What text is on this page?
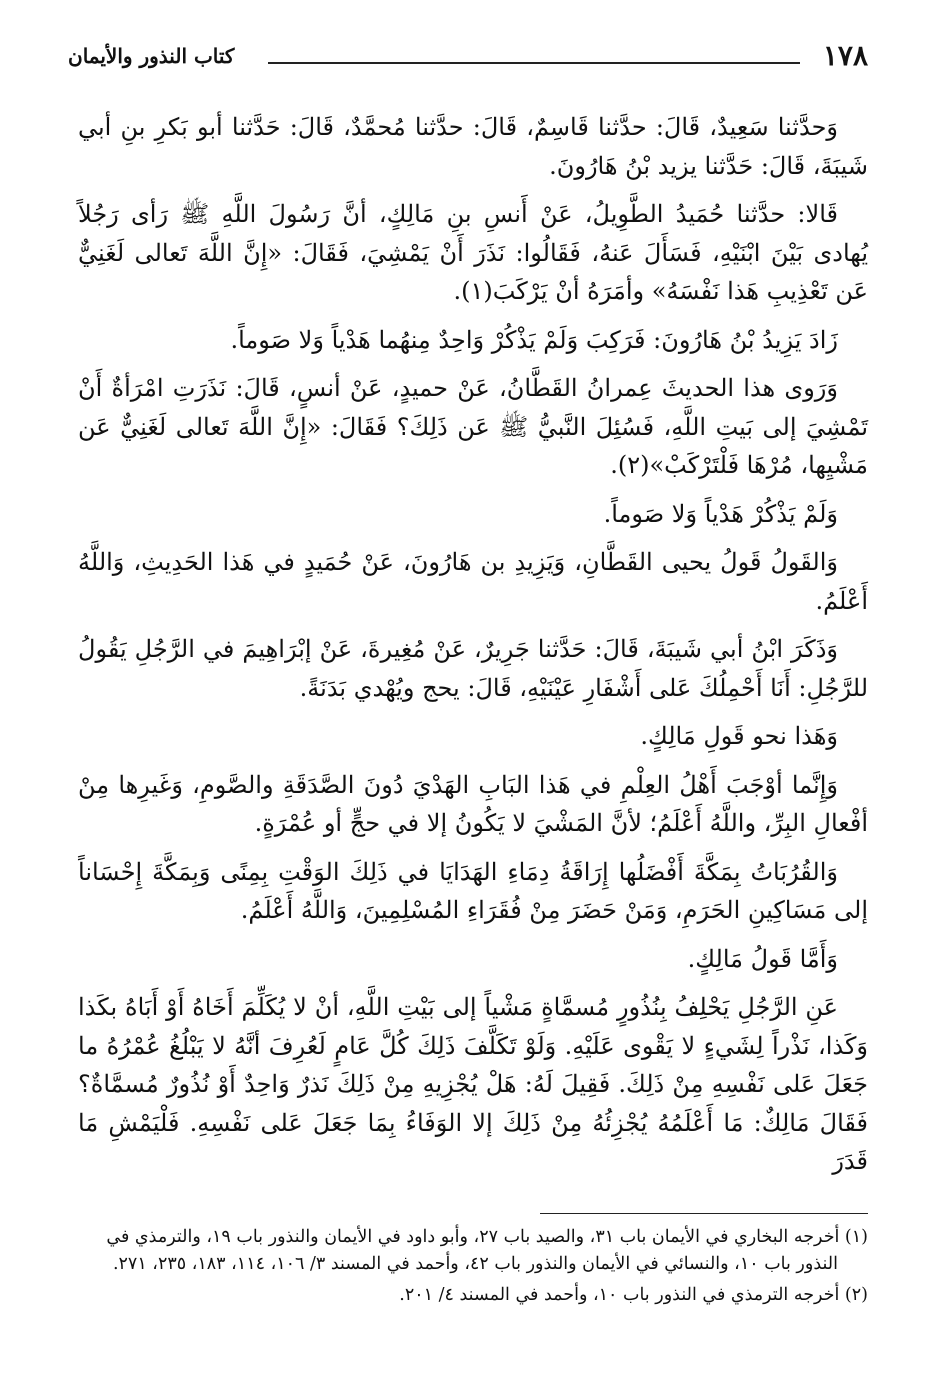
١٧٨
كتاب النذور والأيمان

وَحدَّثنا سَعِيدٌ، قَالَ: حدَّثنا قَاسِمٌ، قَالَ: حدَّثنا مُحمَّدٌ، قَالَ: حَدَّثنا أبو بَكرِ بنِ أبي شَيبَةَ، قَالَ: حَدَّثنا يزيد بْنُ هَارُونَ.

قَالا: حدَّثنا حُمَيدُ الطَّوِيلُ، عَنْ أَنسِ بنِ مَالِكٍ، أنَّ رَسُولَ اللَّهِ ﷺ رَأى رَجُلاً يُهادى بَيْنَ ابْنَيْهِ، فَسَأَلَ عَنهُ، فَقَالُوا: نَذَرَ أَنْ يَمْشِيَ، فَقَالَ: «إِنَّ اللَّهَ تَعالى لَغَنِيٌّ عَن تَعْذِيبِ هَذا نَفْسَهُ» وأمَرَهُ أنْ يَرْكَبَ(١).

زَادَ يَزِيدُ بْنُ هَارُونَ: فَرَكِبَ وَلَمْ يَذْكُرْ وَاحِدٌ مِنهُما هَدْياً وَلا صَوماً.

وَرَوى هذا الحديثَ عِمرانُ القَطَّانُ، عَنْ حميدٍ، عَنْ أنسٍ، قَالَ: نَذَرَتِ امْرَأةٌ أَنْ تَمْشِيَ إلى بَيتِ اللَّهِ، فَسُئِلَ النَّبيُّ ﷺ عَن ذَلِكَ؟ فَقَالَ: «إِنَّ اللَّهَ تَعالى لَغَنِيٌّ عَن مَشْيِها، مُرْهَا فَلْتَرْكَبْ»(٢).

وَلَمْ يَذْكُرْ هَدْياً وَلا صَوماً.

وَالقَولُ قَولُ يحيى القَطَّانِ، وَيَزِيدِ بن هَارُونَ، عَنْ حُمَيدٍ في هَذا الحَدِيثِ، وَاللَّهُ أَعْلَمُ.

وَذَكَرَ ابْنُ أبي شَيبَةَ، قَالَ: حَدَّثنا جَرِيرٌ، عَنْ مُغِيرةَ، عَنْ إبْرَاهِيمَ في الرَّجُلِ يَقُولُ للرَّجُلِ: أَنَا أَحْمِلُكَ عَلى أَشْفَارِ عَيْنَيْهِ، قَالَ: يحج ويُهْدي بَدَنَةً.

وَهَذا نحو قَولِ مَالِكٍ.

وَإِنَّما أوْجَبَ أَهْلُ العِلْمِ في هَذا البَابِ الهَدْيَ دُونَ الصَّدَقَةِ والصَّومِ، وَغَيرِها مِنْ أفْعالِ البِرِّ، واللَّهُ أَعْلَمُ؛ لأنَّ المَشْيَ لا يَكُونُ إلا في حجٍّ أو عُمْرَةٍ.

وَالقُرُبَاتُ بِمَكَّةَ أَفْضَلُها إِرَاقَةُ دِمَاءِ الهَدَايَا في ذَلِكَ الوَقْتِ بِمِنًى وَبِمَكَّةَ إِحْسَاناً إلى مَسَاكِينِ الحَرَمِ، وَمَنْ حَضَرَ مِنْ فُقَرَاءِ المُسْلِمِينَ، وَاللَّهُ أَعْلَمُ.

وَأَمَّا قَولُ مَالِكٍ.

عَنِ الرَّجُلِ يَحْلِفُ بِنُذُورٍ مُسمَّاةٍ مَشْياً إلى بَيْتِ اللَّهِ، أنْ لا يُكَلِّمَ أَخَاهُ أَوْ أَبَاهُ بكَذا وَكَذا، نَذْراً لِشَيءٍ لا يَقْوى عَلَيْهِ. وَلَوْ تَكَلَّفَ ذَلِكَ كُلَّ عَامٍ لَعُرِفَ أنَّهُ لا يَبْلُغُ عُمْرُهُ ما جَعَلَ عَلى نَفْسِهِ مِنْ ذَلِكَ. فَقِيلَ لَهُ: هَلْ يُجْزِيهِ مِنْ ذَلِكَ نَذرٌ وَاحِدٌ أَوْ نُذُورٌ مُسمَّاةٌ؟ فَقَالَ مَالِكٌ: مَا أَعْلَمُهُ يُجْزِئُهُ مِنْ ذَلِكَ إلا الوَفَاءُ بِمَا جَعَلَ عَلى نَفْسِهِ. فَلْيَمْشِ مَا قَدَرَ

(١) أخرجه البخاري في الأيمان باب ٣١، والصيد باب ٢٧، وأبو داود في الأيمان والنذور باب ١٩، والترمذي في النذور باب ١٠، والنسائي في الأيمان والنذور باب ٤٢، وأحمد في المسند ٣/ ١٠٦، ١١٤، ١٨٣، ٢٣٥، ٢٧١.

(٢) أخرجه الترمذي في النذور باب ١٠، وأحمد في المسند ٤/ ٢٠١.
